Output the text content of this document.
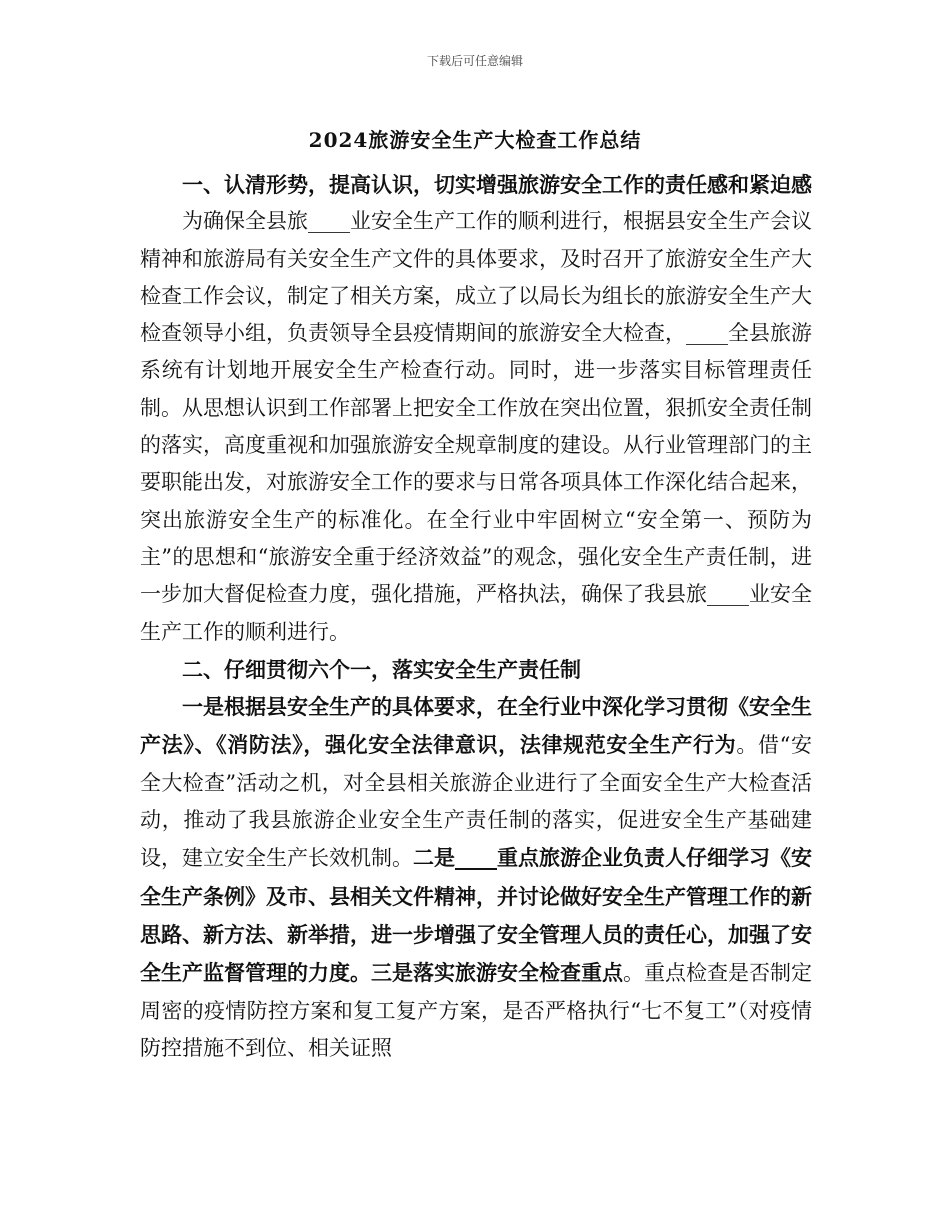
下载后可任意编辑
2024旅游安全生产大检查工作总结

一、认清形势，提高认识，切实增强旅游安全工作的责任感和紧迫感

为确保全县旅____业安全生产工作的顺利进行，根据县安全生产会议精神和旅游局有关安全生产文件的具体要求，及时召开了旅游安全生产大检查工作会议，制定了相关方案，成立了以局长为组长的旅游安全生产大检查领导小组，负责领导全县疫情期间的旅游安全大检查，____全县旅游系统有计划地开展安全生产检查行动。同时，进一步落实目标管理责任制。从思想认识到工作部署上把安全工作放在突出位置，狠抓安全责任制的落实，高度重视和加强旅游安全规章制度的建设。从行业管理部门的主要职能出发，对旅游安全工作的要求与日常各项具体工作深化结合起来，突出旅游安全生产的标准化。在全行业中牢固树立“安全第一、预防为主”的思想和“旅游安全重于经济效益”的观念，强化安全生产责任制，进一步加大督促检查力度，强化措施，严格执法，确保了我县旅____业安全生产工作的顺利进行。

二、仔细贯彻六个一，落实安全生产责任制

一是根据县安全生产的具体要求，在全行业中深化学习贯彻《安全生产法》、《消防法》，强化安全法律意识，法律规范安全生产行为。借“安全大检查”活动之机，对全县相关旅游企业进行了全面安全生产大检查活动，推动了我县旅游企业安全生产责任制的落实，促进安全生产基础建设，建立安全生产长效机制。二是____重点旅游企业负责人仔细学习《安全生产条例》及市、县相关文件精神，并讨论做好安全生产管理工作的新思路、新方法、新举措，进一步增强了安全管理人员的责任心，加强了安全生产监督管理的力度。三是落实旅游安全检查重点。重点检查是否制定周密的疫情防控方案和复工复产方案，是否严格执行“七不复工”（对疫情防控措施不到位、相关证照
